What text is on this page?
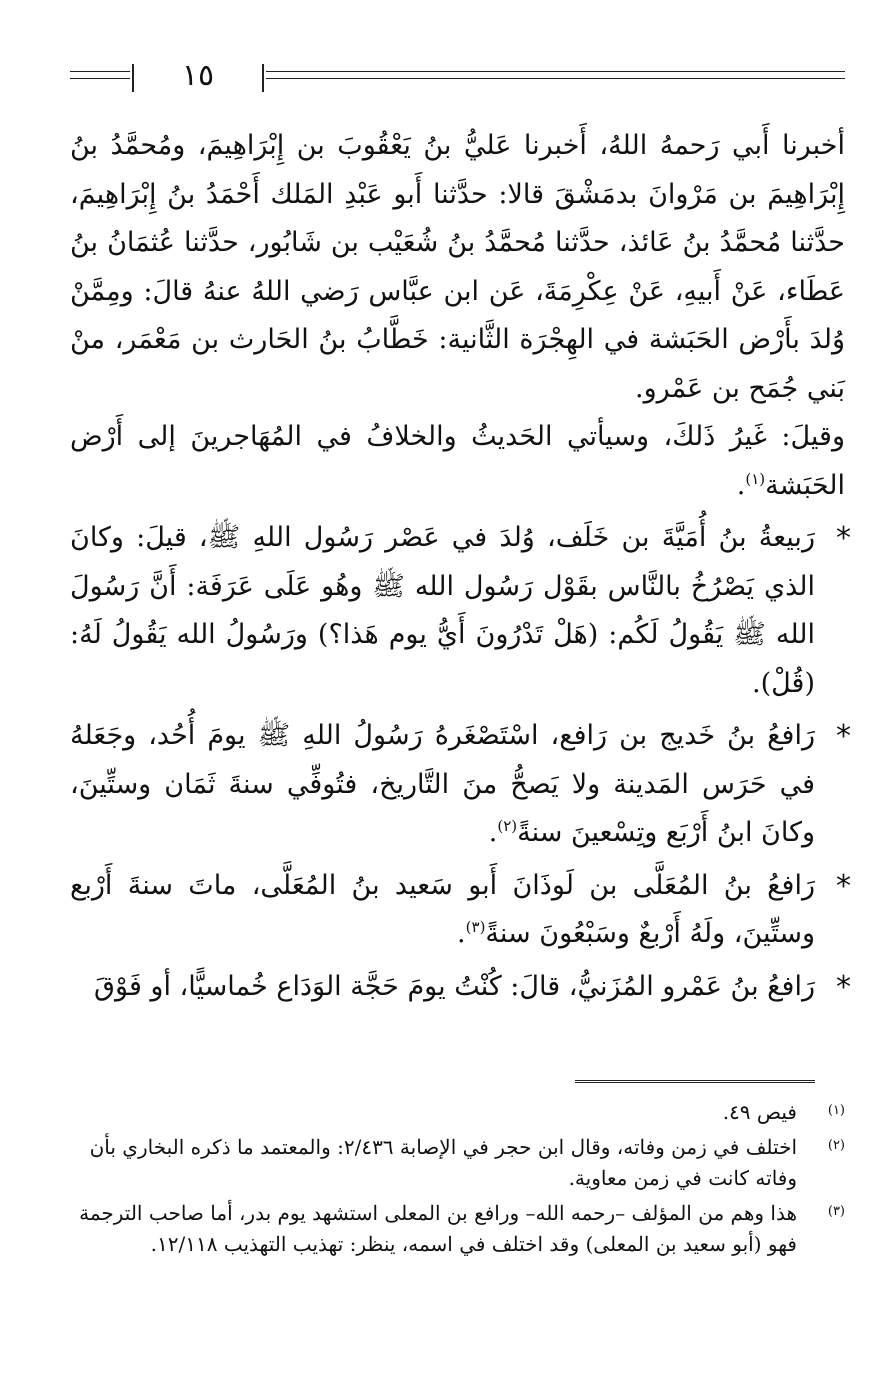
١٥

أخبرنا أَبي رَحمهُ اللهُ، أَخبرنا عَليُّ بنُ يَعْقُوبَ بن إِبْرَاهِيمَ، ومُحمَّدُ بنُ إِبْرَاهِيمَ بن مَرْوانَ بدمَشْقَ قالا: حدَّثنا أَبو عَبْدِ المَلك أَحْمَدُ بنُ إِبْرَاهِيمَ، حدَّثنا مُحمَّدُ بنُ عَائذ، حدَّثنا مُحمَّدُ بنُ شُعَيْب بن شَابُور، حدَّثنا عُثمَانُ بنُ عَطَاء، عَنْ أَبيهِ، عَنْ عِكْرِمَةَ، عَن ابن عبَّاس رَضي اللهُ عنهُ قالَ: ومِمَّنْ وُلدَ بأَرْض الحَبَشة في الهِجْرَة الثَّانية: خَطَّابُ بنُ الحَارث بن مَعْمَر، منْ بَني جُمَح بن عَمْرو.

وقيلَ: غَيرُ ذَلكَ، وسيأتي الحَديثُ والخلافُ في المُهَاجرينَ إلى أَرْض الحَبَشة$^{(١)}$.

*
رَبيعةُ بنُ أُمَيَّةَ بن خَلَف، وُلدَ في عَصْر رَسُول اللهِ ﷺ، قيلَ: وكانَ الذي يَصْرُخُ بالنَّاس بقَوْل رَسُول الله ﷺ وهُو عَلَى عَرَفَة: أَنَّ رَسُولَ الله ﷺ يَقُولُ لَكُم: (هَلْ تَدْرُونَ أَيُّ يوم هَذا؟) ورَسُولُ الله يَقُولُ لَهُ: (قُلْ).

*
رَافعُ بنُ خَديج بن رَافع، اسْتَصْغَرهُ رَسُولُ اللهِ ﷺ يومَ أُحُد، وجَعَلهُ في حَرَس المَدينة ولا يَصحُّ منَ التَّاريخ، فتُوفِّي سنةَ ثَمَان وستِّينَ، وكانَ ابنُ أَرْبَع وتِسْعينَ سنةً$^{(٢)}$.

*
رَافعُ بنُ المُعَلَّى بن لَوذَانَ أَبو سَعيد بنُ المُعَلَّى، ماتَ سنةَ أَرْبع وستِّينَ، ولَهُ أَرْبعٌ وسَبْعُونَ سنةً$^{(٣)}$.

*
رَافعُ بنُ عَمْرو المُزَنيُّ، قالَ: كُنْتُ يومَ حَجَّة الوَدَاع خُماسيًّا، أو فَوْقَ

(١)
فيص ٤٩.

(٢)
اختلف في زمن وفاته، وقال ابن حجر في الإصابة ٢/٤٣٦: والمعتمد ما ذكره البخاري بأن وفاته كانت في زمن معاوية.

(٣)
هذا وهم من المؤلف –رحمه الله– ورافع بن المعلى استشهد يوم بدر، أما صاحب الترجمة فهو (أبو سعيد بن المعلى) وقد اختلف في اسمه، ينظر: تهذيب التهذيب ١٢/١١٨.
